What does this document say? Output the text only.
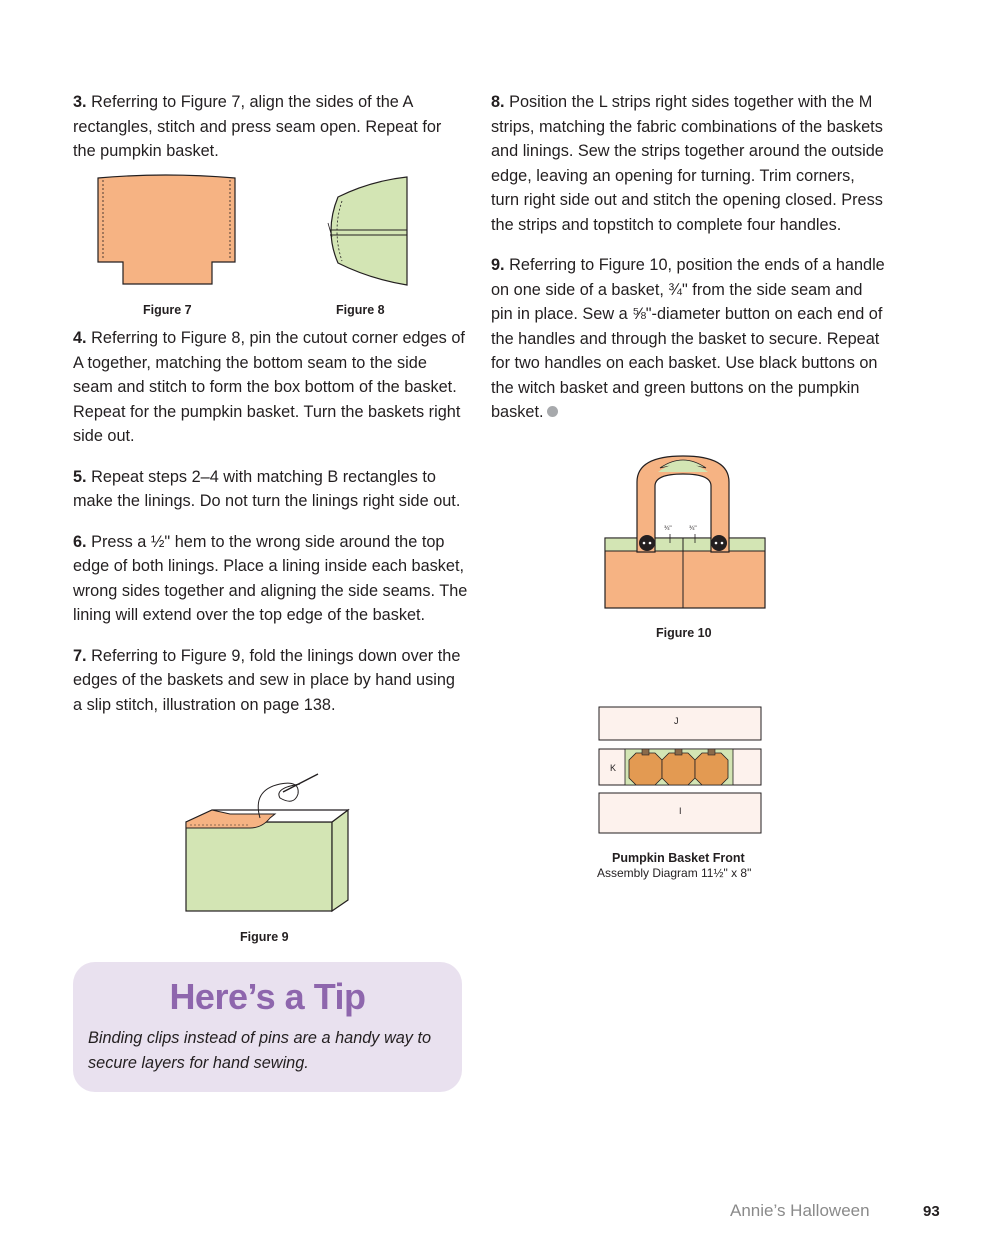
3. Referring to Figure 7, align the sides of the A rectangles, stitch and press seam open. Repeat for the pumpkin basket.

4. Referring to Figure 8, pin the cutout corner edges of A together, matching the bottom seam to the side seam and stitch to form the box bottom of the basket. Repeat for the pumpkin basket. Turn the baskets right side out.

5. Repeat steps 2–4 with matching B rectangles to make the linings. Do not turn the linings right side out.

6. Press a ½" hem to the wrong side around the top edge of both linings. Place a lining inside each basket, wrong sides together and aligning the side seams. The lining will extend over the top edge of the basket.

7. Referring to Figure 9, fold the linings down over the edges of the baskets and sew in place by hand using a slip stitch, illustration on page 138.

8. Position the L strips right sides together with the M strips, matching the fabric combinations of the baskets and linings. Sew the strips together around the outside edge, leaving an opening for turning. Trim corners, turn right side out and stitch the opening closed. Press the strips and topstitch to complete four handles.

9. Referring to Figure 10, position the ends of a handle on one side of a basket, ¾" from the side seam and pin in place. Sew a ⅝"-diameter button on each end of the handles and through the basket to secure. Repeat for two handles on each basket. Use black buttons on the witch basket and green buttons on the pumpkin basket.

Figure 7	Figure 8
Figure 9
¾"	¾"
Figure 10
J
K
I
Pumpkin Basket Front
Assembly Diagram 11½" x 8"
Here’s a Tip
Binding clips instead of pins are a handy way to secure layers for hand sewing.
Annie’s Halloween	93
